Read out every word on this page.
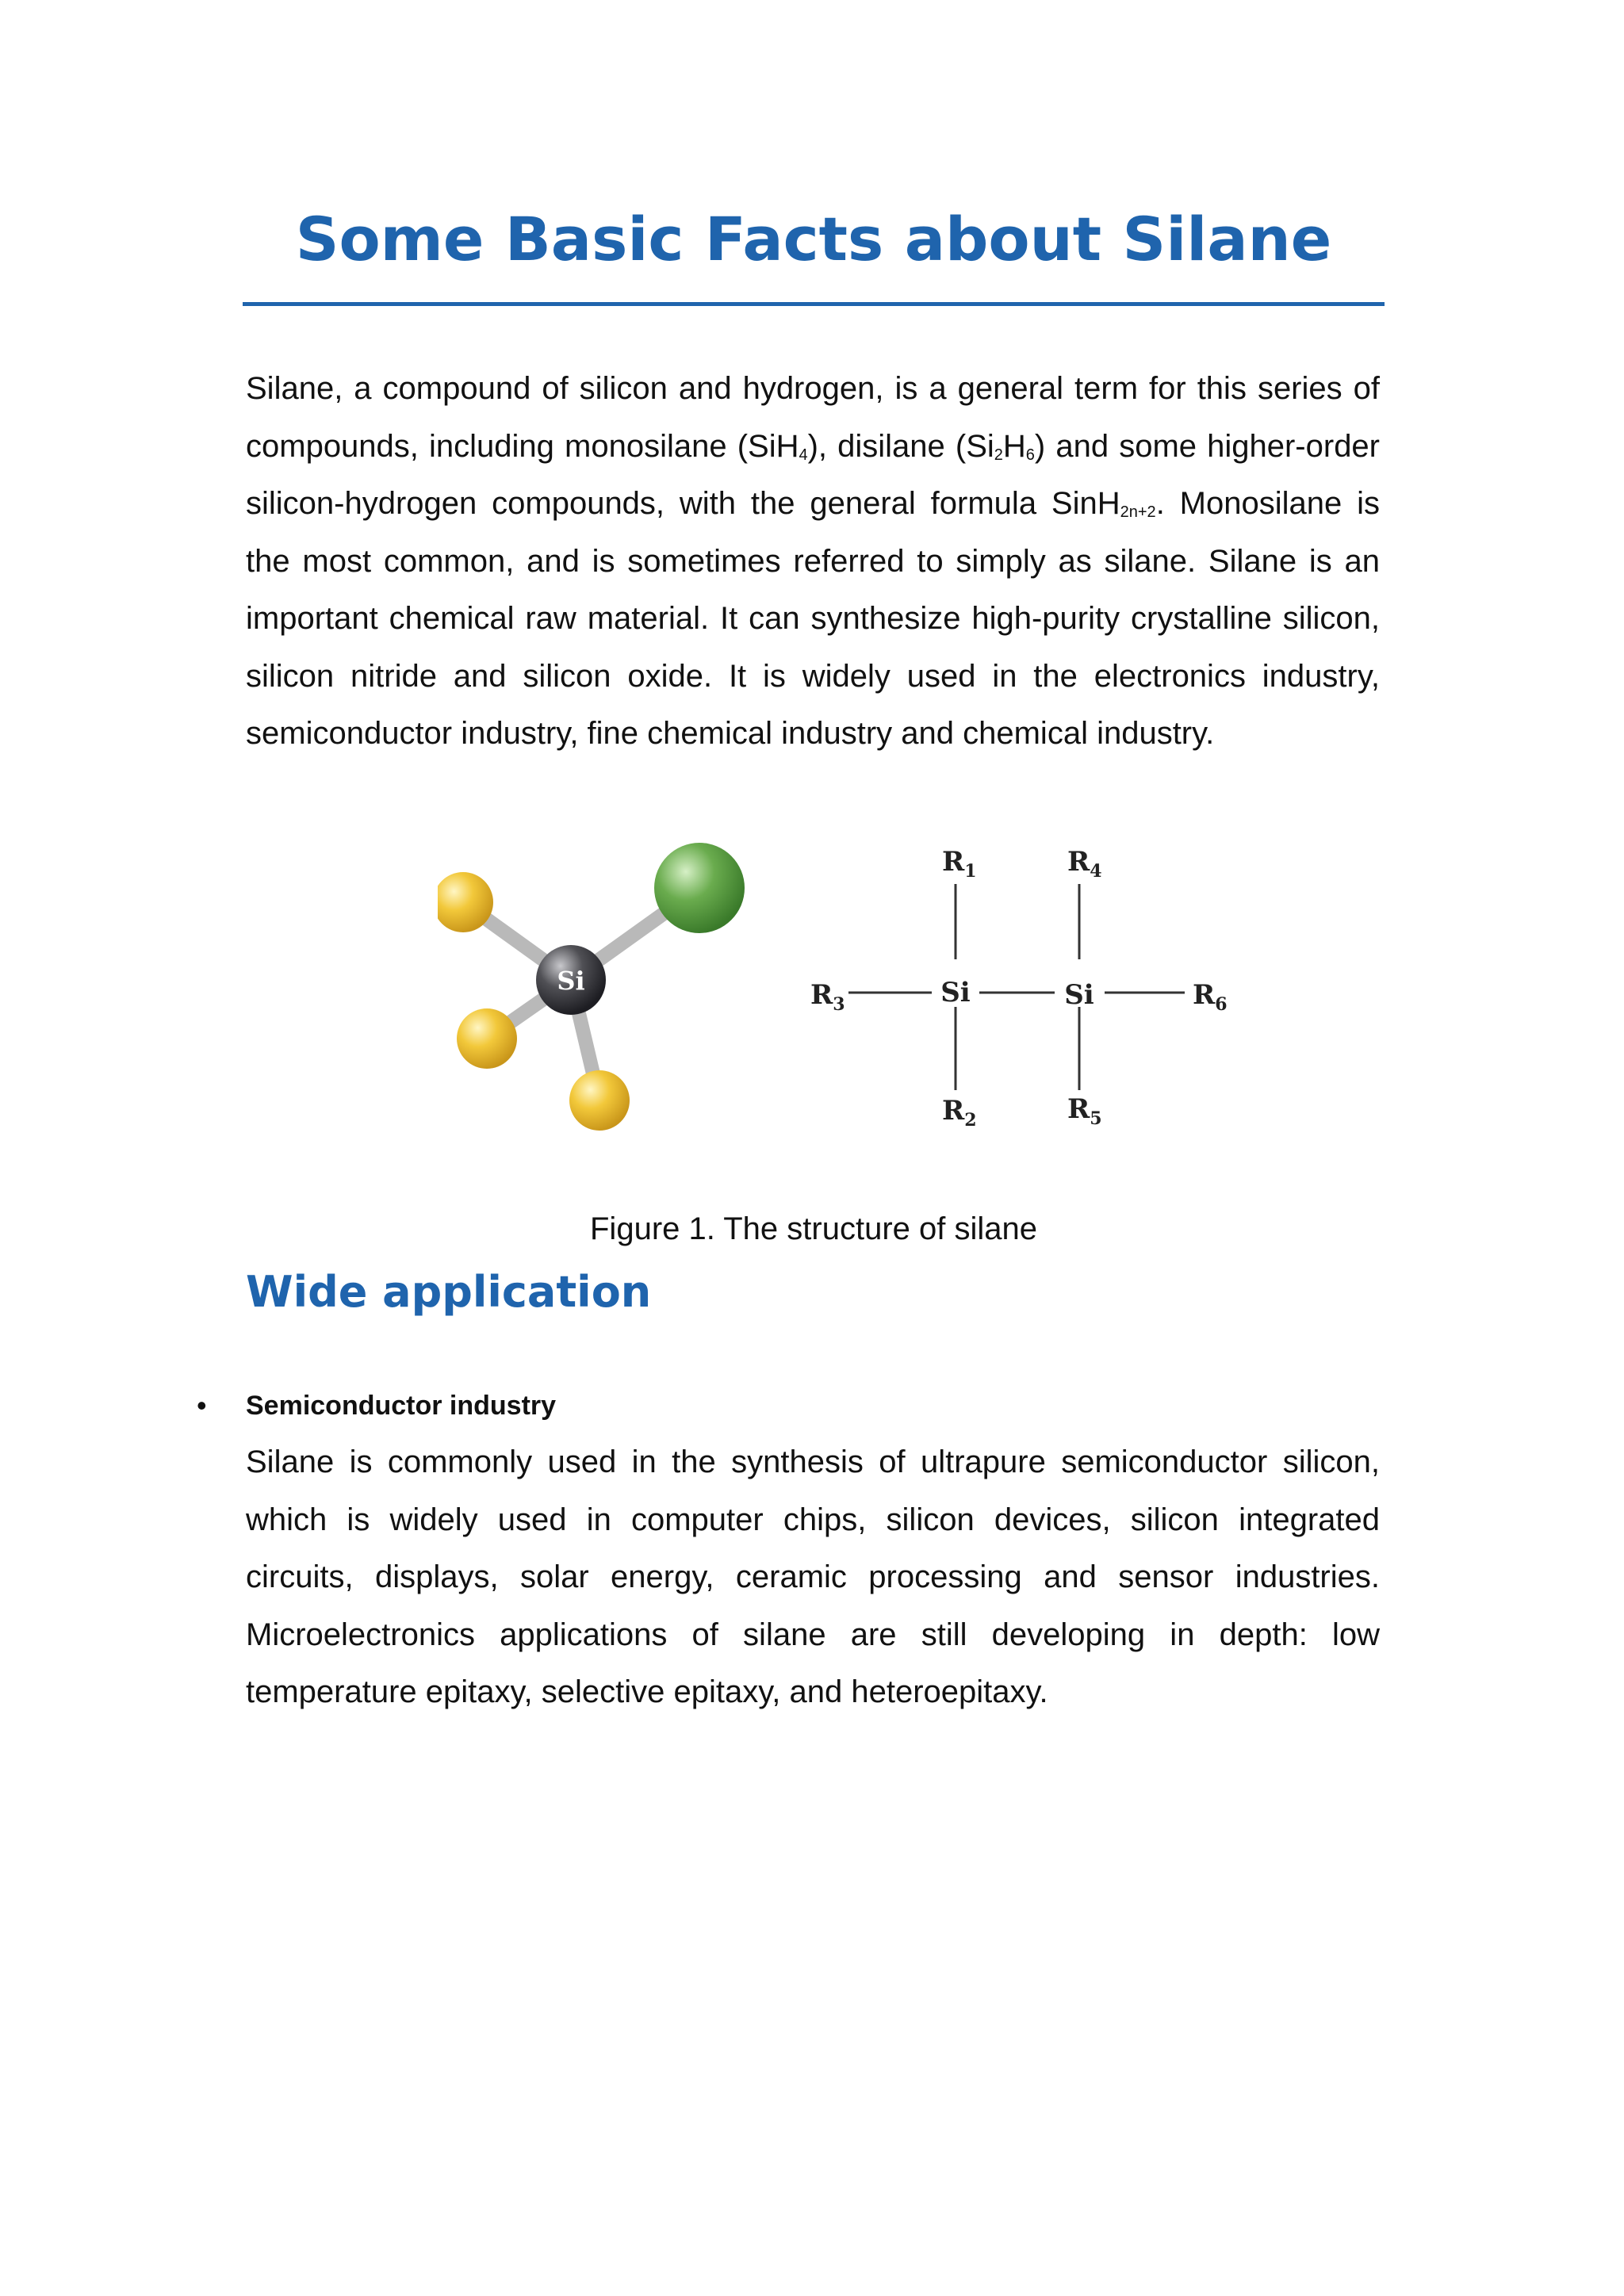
Some Basic Facts about Silane

Silane, a compound of silicon and hydrogen, is a general term for this series of compounds, including monosilane (SiH$_4$), disilane $(Si_2H_6)$ and some higher-order silicon-hydrogen compounds, with the general formula SinH$_{2n+2}$. Monosilane is the most common, and is sometimes referred to simply as silane. Silane is an important chemical raw material. It can synthesize high-purity crystalline silicon, silicon nitride and silicon oxide. It is widely used in the electronics industry, semiconductor industry, fine chemical industry and chemical industry.

Si	Si	Si
$R_1$
$R_2$
$R_3$
$R_4$
$R_5$
$R_6$

Figure 1. The structure of silane

Wide application
• Semiconductor industry

Silane is commonly used in the synthesis of ultrapure semiconductor silicon, which is widely used in computer chips, silicon devices, silicon integrated circuits, displays, solar energy, ceramic processing and sensor industries. Microelectronics applications of silane are still developing in depth: low temperature epitaxy, selective epitaxy, and heteroepitaxy.
